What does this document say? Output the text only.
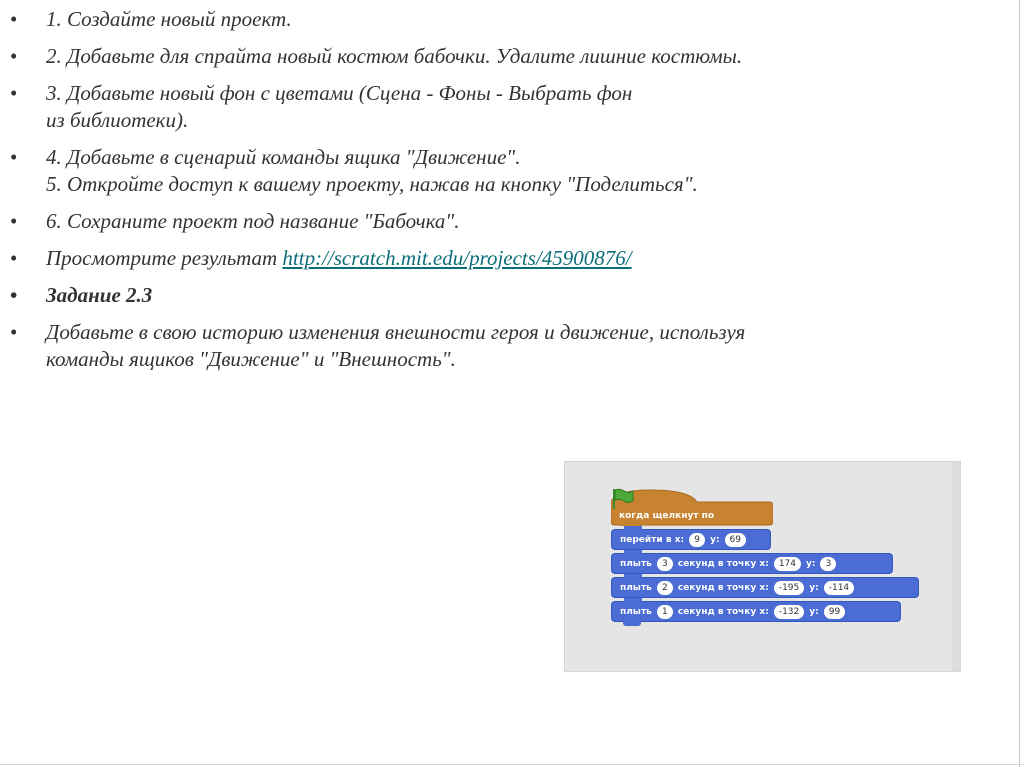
• 1. Создайте новый проект.
• 2. Добавьте для спрайта новый костюм бабочки. Удалите лишние костюмы.
• 3. Добавьте новый фон с цветами (Сцена - Фоны - Выбрать фон
из библиотеки).
• 4. Добавьте в сценарий команды ящика "Движение".
5. Откройте доступ к вашему проекту, нажав на кнопку "Поделиться".
• 6. Сохраните проект под название "Бабочка".
• Просмотрите результат http://scratch.mit.edu/projects/45900876/
• Задание 2.3
• Добавьте в свою историю изменения внешности героя и движение, используя
команды ящиков "Движение" и "Внешность".
когда щелкнут по
перейти в x:	9	y:	69
плыть	3	секунд в точку x:	174	y:	3
плыть	2	секунд в точку x:	-195	y:	-114
плыть	1	секунд в точку x:	-132	y:	99
